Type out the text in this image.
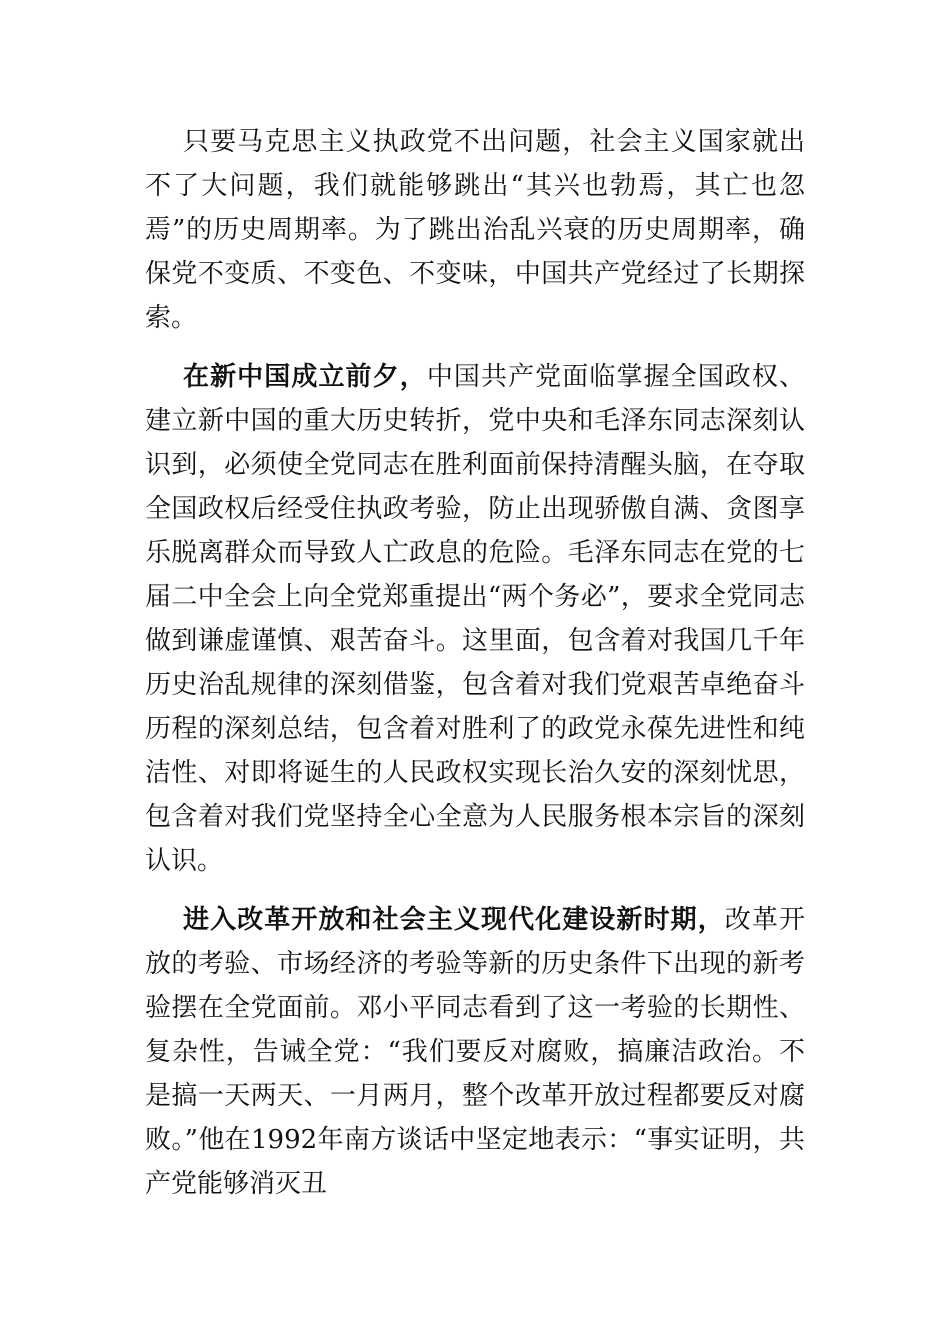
只要马克思主义执政党不出问题，社会主义国家就出不了大问题，我们就能够跳出“其兴也勃焉，其亡也忽焉”的历史周期率。为了跳出治乱兴衰的历史周期率，确保党不变质、不变色、不变味，中国共产党经过了长期探索。

在新中国成立前夕，中国共产党面临掌握全国政权、建立新中国的重大历史转折，党中央和毛泽东同志深刻认识到，必须使全党同志在胜利面前保持清醒头脑，在夺取全国政权后经受住执政考验，防止出现骄傲自满、贪图享乐脱离群众而导致人亡政息的危险。毛泽东同志在党的七届二中全会上向全党郑重提出“两个务必”，要求全党同志做到谦虚谨慎、艰苦奋斗。这里面，包含着对我国几千年历史治乱规律的深刻借鉴，包含着对我们党艰苦卓绝奋斗历程的深刻总结，包含着对胜利了的政党永葆先进性和纯洁性、对即将诞生的人民政权实现长治久安的深刻忧思，包含着对我们党坚持全心全意为人民服务根本宗旨的深刻认识。

进入改革开放和社会主义现代化建设新时期，改革开放的考验、市场经济的考验等新的历史条件下出现的新考验摆在全党面前。邓小平同志看到了这一考验的长期性、复杂性，告诫全党：“我们要反对腐败，搞廉洁政治。不是搞一天两天、一月两月，整个改革开放过程都要反对腐败。”他在1992年南方谈话中坚定地表示：“事实证明，共产党能够消灭丑
